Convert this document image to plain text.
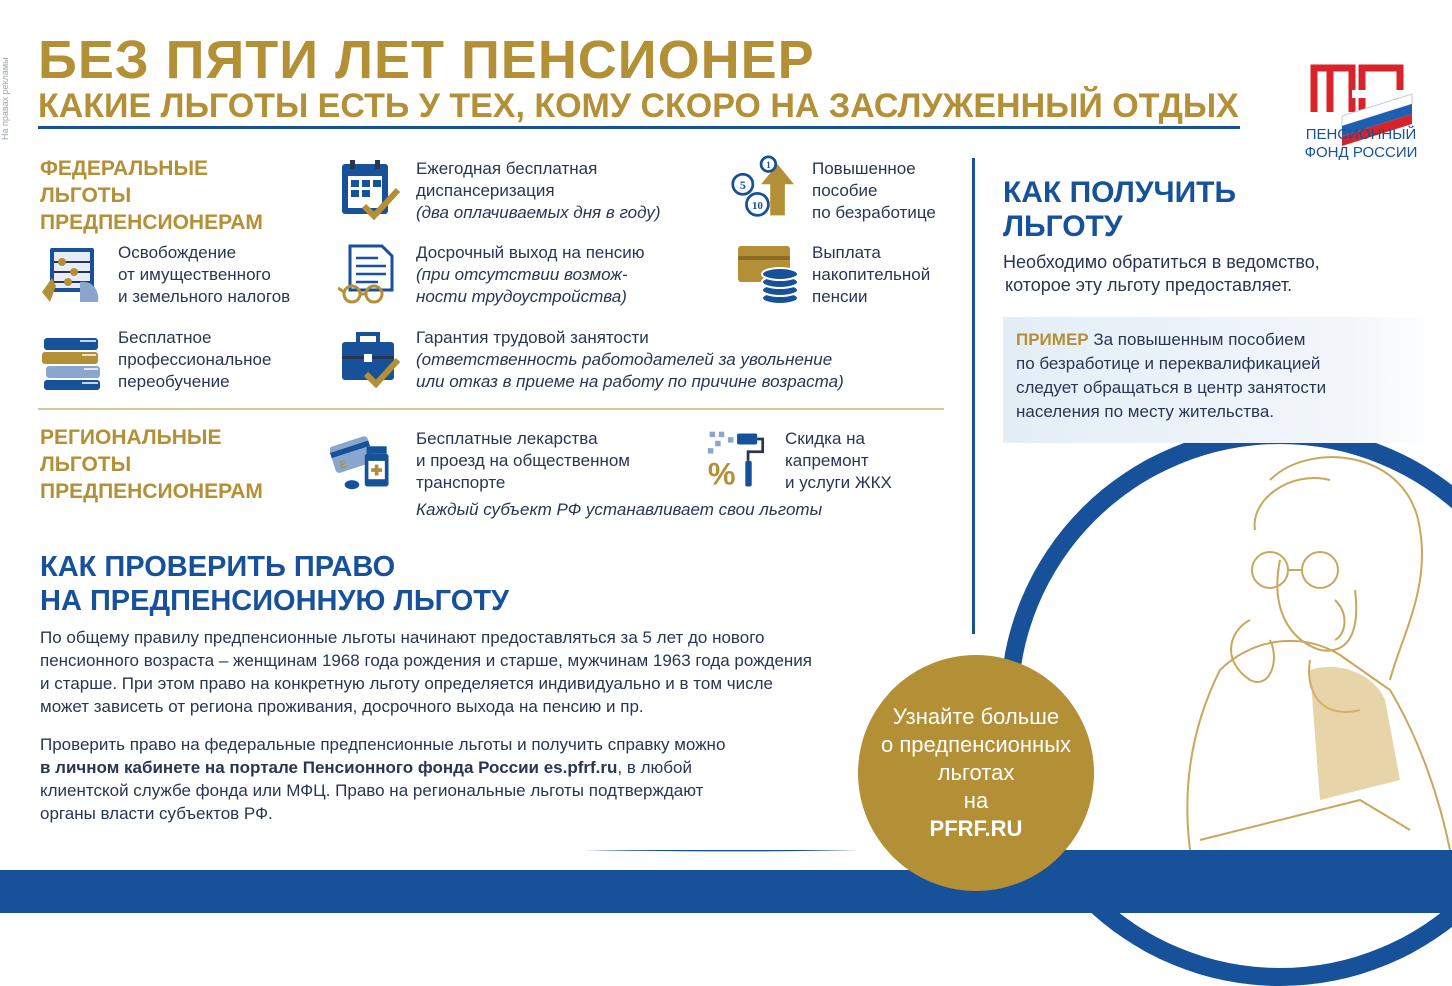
На правах рекламы БЕЗ ПЯТИ ЛЕТ ПЕНСИОНЕР
КАКИЕ ЛЬГОТЫ ЕСТЬ У ТЕХ, КОМУ СКОРО НА ЗАСЛУЖЕННЫЙ ОТДЫХ
ПЕНСИОННЫЙ
ФОНД РОССИИ
ФЕДЕРАЛЬНЫЕ
ЛЬГОТЫ
ПРЕДПЕНСИОНЕРАМ
Освобождение
от имущественного
и земельного налогов
Бесплатное
профессиональное
переобучение
Ежегодная бесплатная
диспансеризация
(два оплачиваемых дня в году)
Досрочный выход на пенсию
(при отсутствии возмож-
ности трудоустройства)
Гарантия трудовой занятости
(ответственность работодателей за увольнение
или отказ в приеме на работу по причине возраста)
1
5
10
Повышенное
пособие
по безработице
Выплата
накопительной
пенсии
РЕГИОНАЛЬНЫЕ
ЛЬГОТЫ
ПРЕДПЕНСИОНЕРАМ
E
Бесплатные лекарства
и проезд на общественном
транспорте	%
Скидка на
капремонт
и услуги ЖКХ
Каждый субъект РФ устанавливает свои льготы
КАК ПРОВЕРИТЬ ПРАВО
НА ПРЕДПЕНСИОННУЮ ЛЬГОТУ
По общему правилу предпенсионные льготы начинают предоставляться за 5 лет до нового
пенсионного возраста – женщинам 1968 года рождения и старше, мужчинам 1963 года рождения
и старше. При этом право на конкретную льготу определяется индивидуально и в том числе
может зависеть от региона проживания, досрочного выхода на пенсию и пр.
Проверить право на федеральные предпенсионные льготы и получить справку можно
в личном кабинете на портале Пенсионного фонда России es.pfrf.ru, в любой
клиентской службе фонда или МФЦ. Право на региональные льготы подтверждают
органы власти субъектов РФ.
КАК ПОЛУЧИТЬ
ЛЬГОТУ
Необходимо обратиться в ведомство,
которое эту льготу предоставляет.
ПРИМЕР За повышенным пособием
по безработице и переквалификацией
следует обращаться в центр занятости
населения по месту жительства.
Узнайте больше
о предпенсионных
льготах
на
PFRF.RU
